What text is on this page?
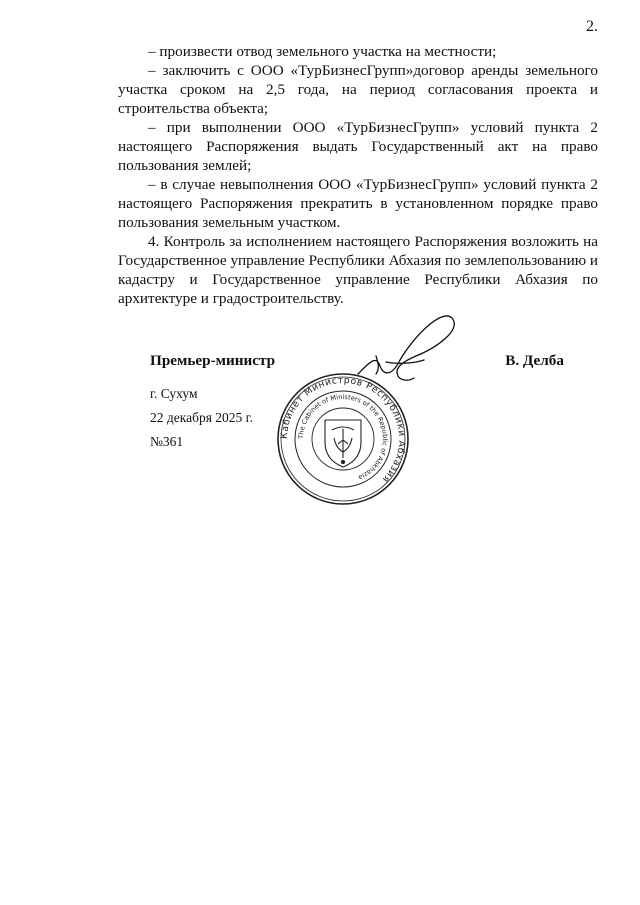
2.

– произвести отвод земельного участка на местности;

– заключить с ООО «ТурБизнесГрупп»договор аренды земельного участка сроком на 2,5 года, на период согласования проекта и строительства объекта;

– при выполнении ООО «ТурБизнесГрупп» условий пункта 2 настоящего Распоряжения выдать Государственный акт на право пользования землей;

– в случае невыполнения ООО «ТурБизнесГрупп» условий пункта 2 настоящего Распоряжения прекратить в установленном порядке право пользования земельным участком.

4. Контроль за исполнением настоящего Распоряжения возложить на Государственное управление Республики Абхазия по землепользованию и кадастру и Государственное управление Республики Абхазия по архитектуре и градостроительству.

Премьер-министр	В. Делба
г. Сухум
22 декабря 2025 г.
№361	Кабинет Министров Республики Абхазия
The Cabinet of Ministers of the Republic of Abkhazia
